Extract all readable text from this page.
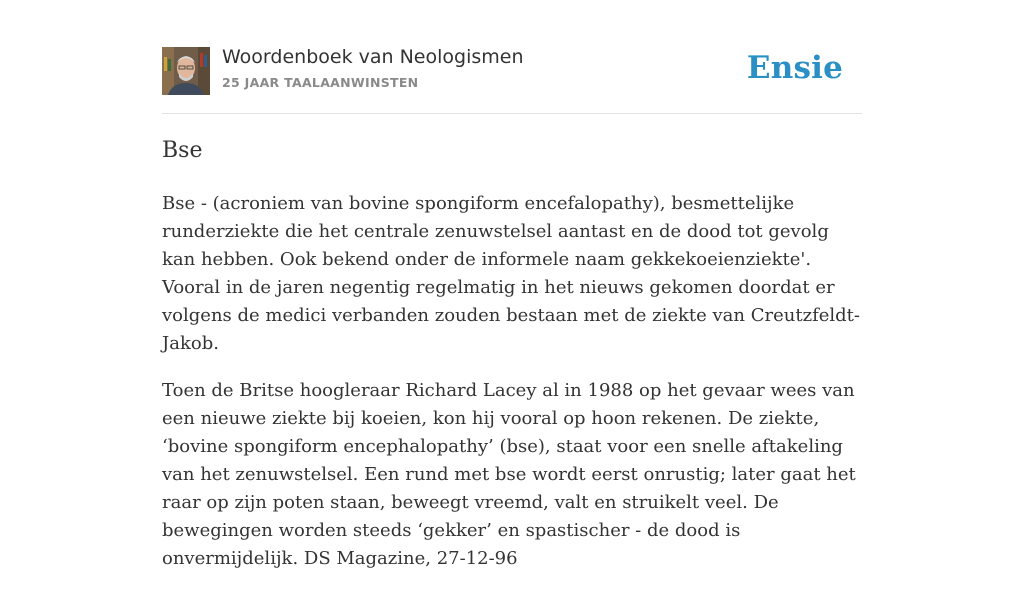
Woordenboek van Neologismen
25 JAAR TAALAANWINSTEN	Ensie
Bse

Bse - (acroniem van bovine spongiform encefalopathy), besmettelijke runderziekte die het centrale zenuwstelsel aantast en de dood tot gevolg kan hebben. Ook bekend onder de informele naam gekkekoeienziekte'. Vooral in de jaren negentig regelmatig in het nieuws gekomen doordat er volgens de medici verbanden zouden bestaan met de ziekte van Creutzfeldt-Jakob.

Toen de Britse hoogleraar Richard Lacey al in 1988 op het gevaar wees van een nieuwe ziekte bij koeien, kon hij vooral op hoon rekenen. De ziekte, ‘bovine spongiform encephalopathy’ (bse), staat voor een snelle aftakeling van het zenuwstelsel. Een rund met bse wordt eerst onrustig; later gaat het raar op zijn poten staan, beweegt vreemd, valt en struikelt veel. De bewegingen worden steeds ‘gekker’ en spastischer - de dood is onvermijdelijk. DS Magazine, 27-12-96
